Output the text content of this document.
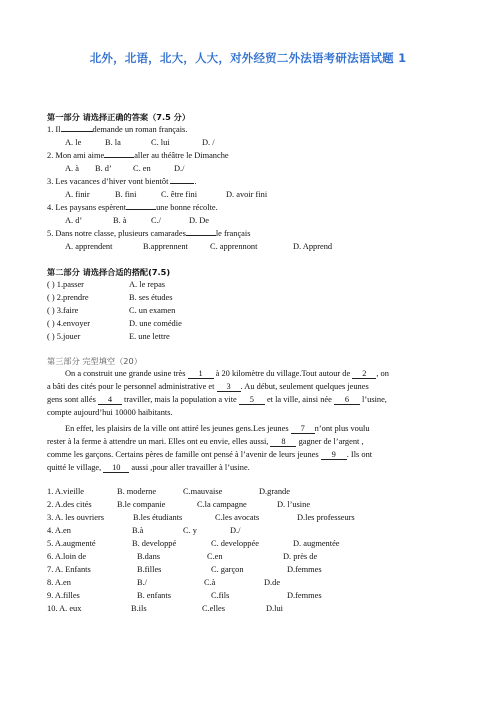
北外，北语，北大，人大，对外经贸二外法语考研法语试题 1
第一部分 请选择正确的答案（7.5 分）
1. Il	demande un roman français.
A. le	B. la	C. lui	D. /
2. Mon ami aime	aller au théâtre le Dimanche
A. à B. d’	C. en	D./
3. Les vacances d’hiver vont bientôt	.
A. finir	B. fini	C. être fini	D. avoir fini
4. Les paysans espèrent	une bonne récolte.
A. d’	B. à	C./	D. De
5. Dans notre classe, plusieurs camarades	le français
A. apprendent	B.apprennent	C. apprennont	D. Apprend
第二部分 请选择合适的搭配(7.5)
( ) 1.passer	A. le repas
( ) 2.prendre	B. ses études
( ) 3.faire	C. un examen
( ) 4.envoyer	D. une comédie
( ) 5.jouer	E. une lettre
第三部分 完型填空（20）
On a construit une grande usine très 1 à 20 kilomètre du village.Tout autour de 2 , on
a bâti des cités pour le personnel administrative et 3 . Au début, seulement quelques jeunes
gens sont allés 4 traviller, mais la population a vite 5 et la ville, ainsi née 6 l’usine,
compte aujourd’hui 10000 haibitants.
En effet, les plaisirs de la ville ont attiré les jeunes gens.Les jeunes 7 n’ont plus voulu
rester à la ferme à attendre un mari. Elles ont eu envie, elles aussi, 8 gagner de l’argent ,
comme les garçons. Certains pères de famille ont pensé à l’avenir de leurs jeunes 9 . Ils ont
quitté le village, 10 aussi ,pour aller travailler à l’usine.
1. A.vieille	B. moderne	C.mauvaise	D.grande
2. A.des cités	B.le companie	C.la campagne	D. l’usine
3. A. les ouvriers	B.les étudiants	C.les avocats	D.les professeurs
4. A.en	B.à	C. y	D./
5. A.augmenté	B. developpé	C. developpée	D. augmentée
6. A.loin de	B.dans	C.en	D. près de
7. A. Enfants	B.filles	C. garçon	D.femmes
8. A.en	B./	C.à	D.de
9. A.filles	B. enfants	C.fils	D.femmes
10. A. eux	B.ils	C.elles	D.lui
